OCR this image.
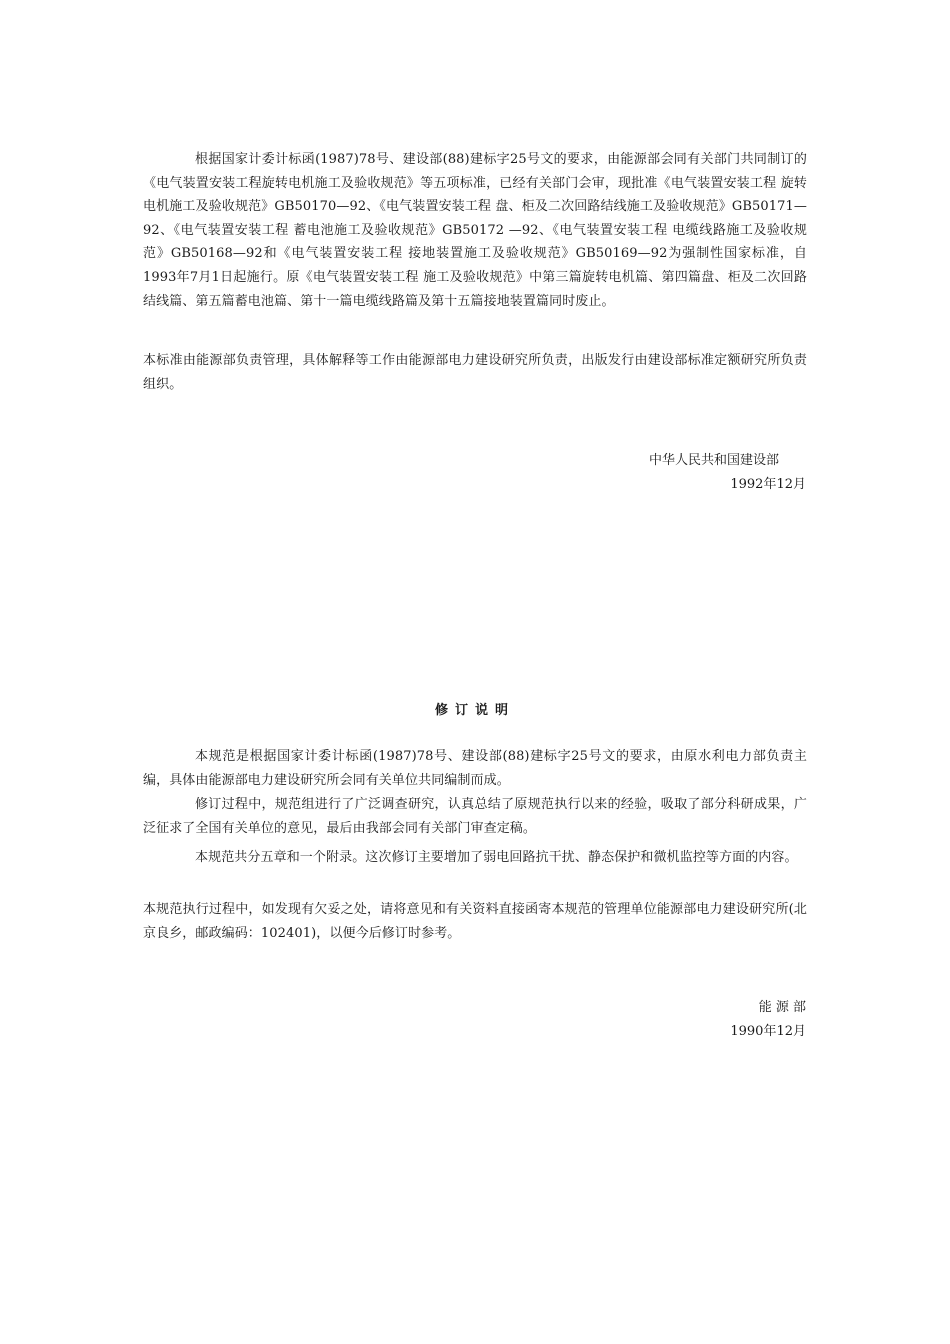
根据国家计委计标函(1987)78号、建设部(88)建标字25号文的要求，由能源部会同有关部门共同制订的《电气装置安装工程旋转电机施工及验收规范》等五项标准，已经有关部门会审，现批准《电气装置安装工程 旋转电机施工及验收规范》GB50170—92、《电气装置安装工程 盘、柜及二次回路结线施工及验收规范》GB50171—92、《电气装置安装工程 蓄电池施工及验收规范》GB50172 —92、《电气装置安装工程 电缆线路施工及验收规范》GB50168—92和《电气装置安装工程 接地装置施工及验收规范》GB50169—92为强制性国家标准，自1993年7月1日起施行。原《电气装置安装工程 施工及验收规范》中第三篇旋转电机篇、第四篇盘、柜及二次回路结线篇、第五篇蓄电池篇、第十一篇电缆线路篇及第十五篇接地装置篇同时废止。

本标准由能源部负责管理，具体解释等工作由能源部电力建设研究所负责，出版发行由建设部标准定额研究所负责组织。

中华人民共和国建设部

1992年12月

修订说明

本规范是根据国家计委计标函(1987)78号、建设部(88)建标字25号文的要求，由原水利电力部负责主编，具体由能源部电力建设研究所会同有关单位共同编制而成。

修订过程中，规范组进行了广泛调查研究，认真总结了原规范执行以来的经验，吸取了部分科研成果，广泛征求了全国有关单位的意见，最后由我部会同有关部门审查定稿。

本规范共分五章和一个附录。这次修订主要增加了弱电回路抗干扰、静态保护和微机监控等方面的内容。

本规范执行过程中，如发现有欠妥之处，请将意见和有关资料直接函寄本规范的管理单位能源部电力建设研究所(北京良乡，邮政编码：102401)，以便今后修订时参考。

能 源 部

1990年12月
